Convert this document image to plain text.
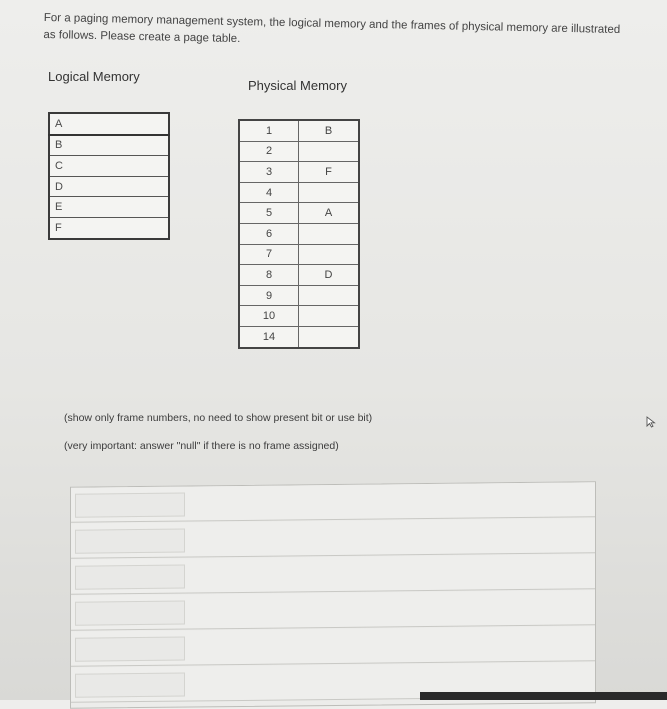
For a paging memory management system, the logical memory and the frames of physical memory are illustrated as follows. Please create a page table.
Logical Memory
Physical Memory
A
B
C
D
E
F
1	B
2	
3	F
4	
5	A
6	
7	
8	D
9	
10	
14	
(show only frame numbers, no need to show present bit or use bit)
(very important: answer "null" if there is no frame assigned)
